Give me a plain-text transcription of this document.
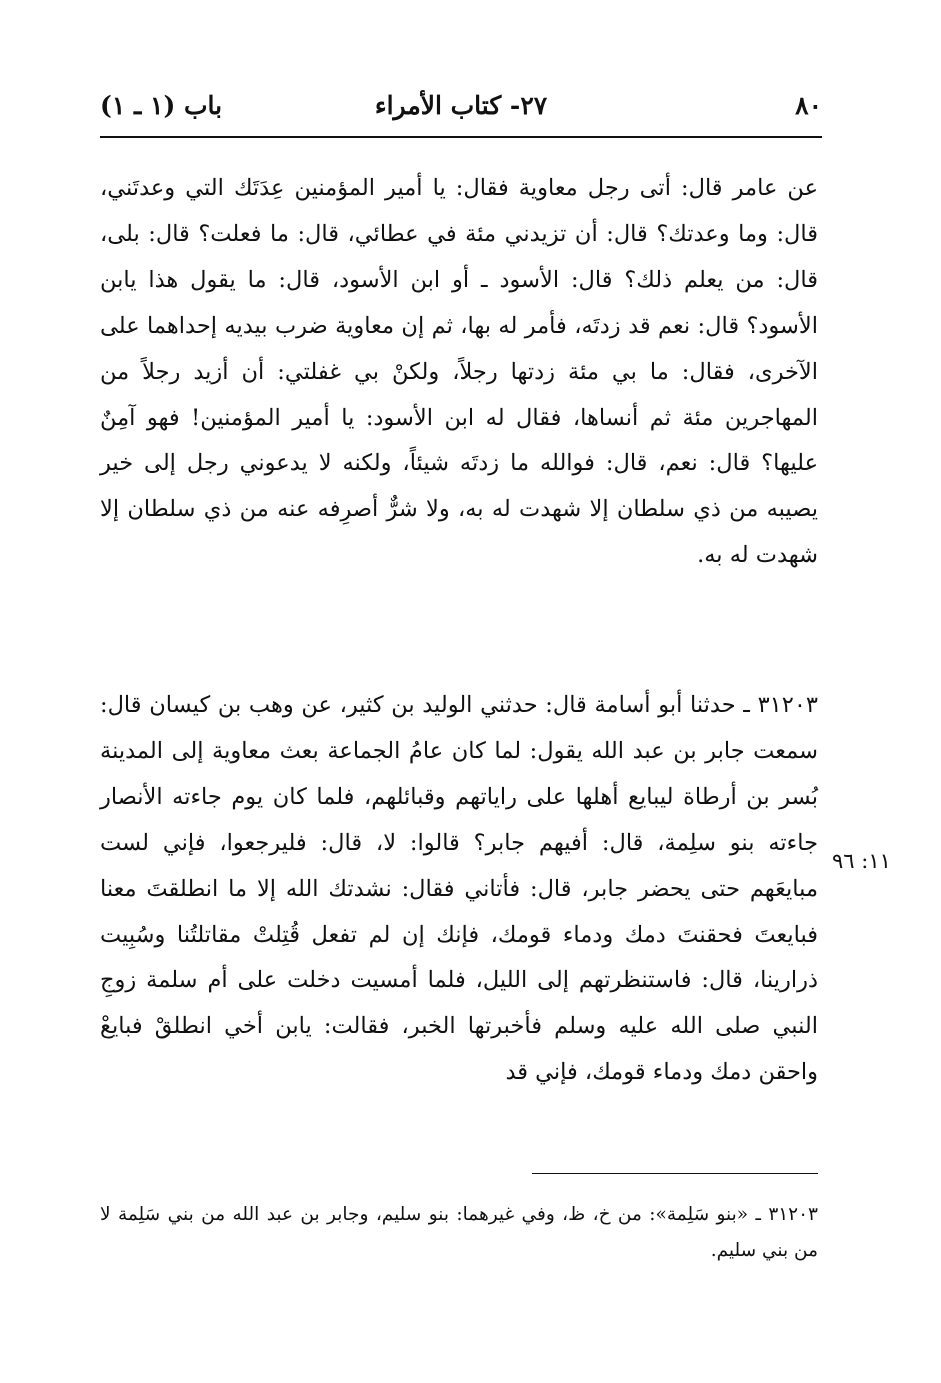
٨٠
٢٧- كتاب الأمراء
باب (١ ـ ١)
عن عامر قال: أتى رجل معاوية فقال: يا أمير المؤمنين عِدَتَك التي وعدتَني، قال: وما وعدتك؟ قال: أن تزيدني مئة في عطائي، قال: ما فعلت؟ قال: بلى، قال: من يعلم ذلك؟ قال: الأسود ـ أو ابن الأسود، قال: ما يقول هذا يابن الأسود؟ قال: نعم قد زدتَه، فأمر له بها، ثم إن معاوية ضرب بيديه إحداهما على الآخرى، فقال: ما بي مئة زدتها رجلاً، ولكنْ بي غفلتي: أن أزيد رجلاً من المهاجرين مئة ثم أنساها، فقال له ابن الأسود: يا أمير المؤمنين! فهو آمِنٌ عليها؟ قال: نعم، قال: فوالله ما زدتَه شيئاً، ولكنه لا يدعوني رجل إلى خير يصيبه من ذي سلطان إلا شهدت له به، ولا شرٌّ أصرِفه عنه من ذي سلطان إلا شهدت له به.
٣١٢٠٣ ـ حدثنا أبو أسامة قال: حدثني الوليد بن كثير، عن وهب بن كيسان قال: سمعت جابر بن عبد الله يقول: لما كان عامُ الجماعة بعث معاوية إلى المدينة بُسر بن أرطاة ليبايع أهلها على راياتهم وقبائلهم، فلما كان يوم جاءته الأنصار جاءته بنو سلِمة، قال: أفيهم جابر؟ قالوا: لا، قال: فليرجعوا، فإني لست مبايعَهم حتى يحضر جابر، قال: فأتاني فقال: نشدتك الله إلا ما انطلقتَ معنا فبايعتَ فحقنتَ دمك ودماء قومك، فإنك إن لم تفعل قُتِلتْ مقاتلتُنا وسُبِيت ذرارينا، قال: فاستنظرتهم إلى الليل، فلما أمسيت دخلت على أم سلمة زوجِ النبي صلى الله عليه وسلم فأخبرتها الخبر، فقالت: يابن أخي انطلقْ فبايعْ واحقن دمك ودماء قومك، فإني قد
١١: ٩٦
٣١٢٠٣ ـ «بنو سَلِمة»: من خ، ظ، وفي غيرهما: بنو سليم، وجابر بن عبد الله من بني سَلِمة لا من بني سليم.
